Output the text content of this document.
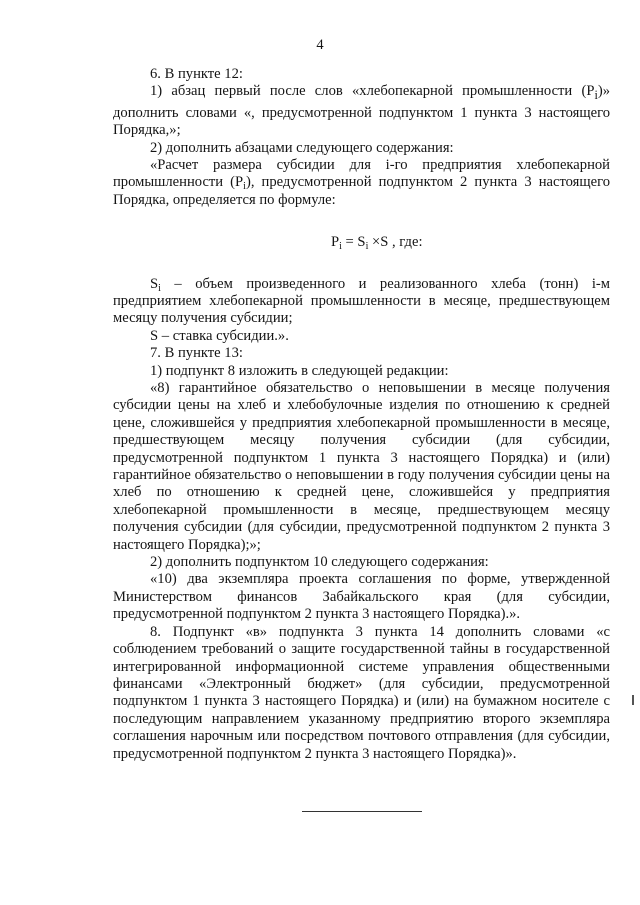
4

6. В пункте 12:

1) абзац первый после слов «хлебопекарной промышленности $(P_i)$» дополнить словами «, предусмотренной подпунктом 1 пункта 3 настоящего Порядка,»;

2) дополнить абзацами следующего содержания:

«Расчет размера субсидии для i-го предприятия хлебопекарной промышленности $(P_i)$, предусмотренной подпунктом 2 пункта 3 настоящего Порядка, определяется по формуле:

$P_i = S_i \times S$ , где:

$S_i$ – объем произведенного и реализованного хлеба (тонн) i-м предприятием хлебопекарной промышленности в месяце, предшествующем месяцу получения субсидии;

S – ставка субсидии.».

7. В пункте 13:

1) подпункт 8 изложить в следующей редакции:

«8) гарантийное обязательство о неповышении в месяце получения субсидии цены на хлеб и хлебобулочные изделия по отношению к средней цене, сложившейся у предприятия хлебопекарной промышленности в месяце, предшествующем месяцу получения субсидии (для субсидии, предусмотренной подпунктом 1 пункта 3 настоящего Порядка) и (или) гарантийное обязательство о неповышении в году получения субсидии цены на хлеб по отношению к средней цене, сложившейся у предприятия хлебопекарной промышленности в месяце, предшествующем месяцу получения субсидии (для субсидии, предусмотренной подпунктом 2 пункта 3 настоящего Порядка);»;

2) дополнить подпунктом 10 следующего содержания:

«10) два экземпляра проекта соглашения по форме, утвержденной Министерством финансов Забайкальского края (для субсидии, предусмотренной подпунктом 2 пункта 3 настоящего Порядка).».

8. Подпункт «в» подпункта 3 пункта 14 дополнить словами «с соблюдением требований о защите государственной тайны в государственной интегрированной информационной системе управления общественными финансами «Электронный бюджет» (для субсидии, предусмотренной подпунктом 1 пункта 3 настоящего Порядка) и (или) на бумажном носителе с последующим направлением указанному предприятию второго экземпляра соглашения нарочным или посредством почтового отправления (для субсидии, предусмотренной подпунктом 2 пункта 3 настоящего Порядка)».
